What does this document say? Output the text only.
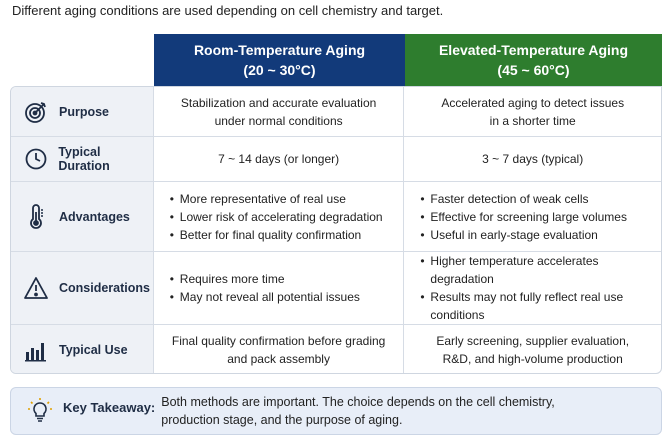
Different aging conditions are used depending on cell chemistry and target.
Room-Temperature Aging
(20 ~ 30°C)
Elevated-Temperature Aging
(45 ~ 60°C)
Purpose
Stabilization and accurate evaluation
under normal conditions
Accelerated aging to detect issues
in a shorter time
Typical Duration	7 ~ 14 days (or longer)	3 ~ 7 days (typical)
Advantages
• More representative of real use
• Lower risk of accelerating degradation
• Better for final quality confirmation
• Faster detection of weak cells
• Effective for screening large volumes
• Useful in early-stage evaluation
Considerations
• Requires more time
• May not reveal all potential issues
• Higher temperature accelerates degradation
• Results may not fully reflect real use conditions
Typical Use
Final quality confirmation before grading
and pack assembly
Early screening, supplier evaluation,
R&D, and high-volume production
Key Takeaway: Both methods are important. The choice depends on the cell chemistry, production stage, and the purpose of aging.
